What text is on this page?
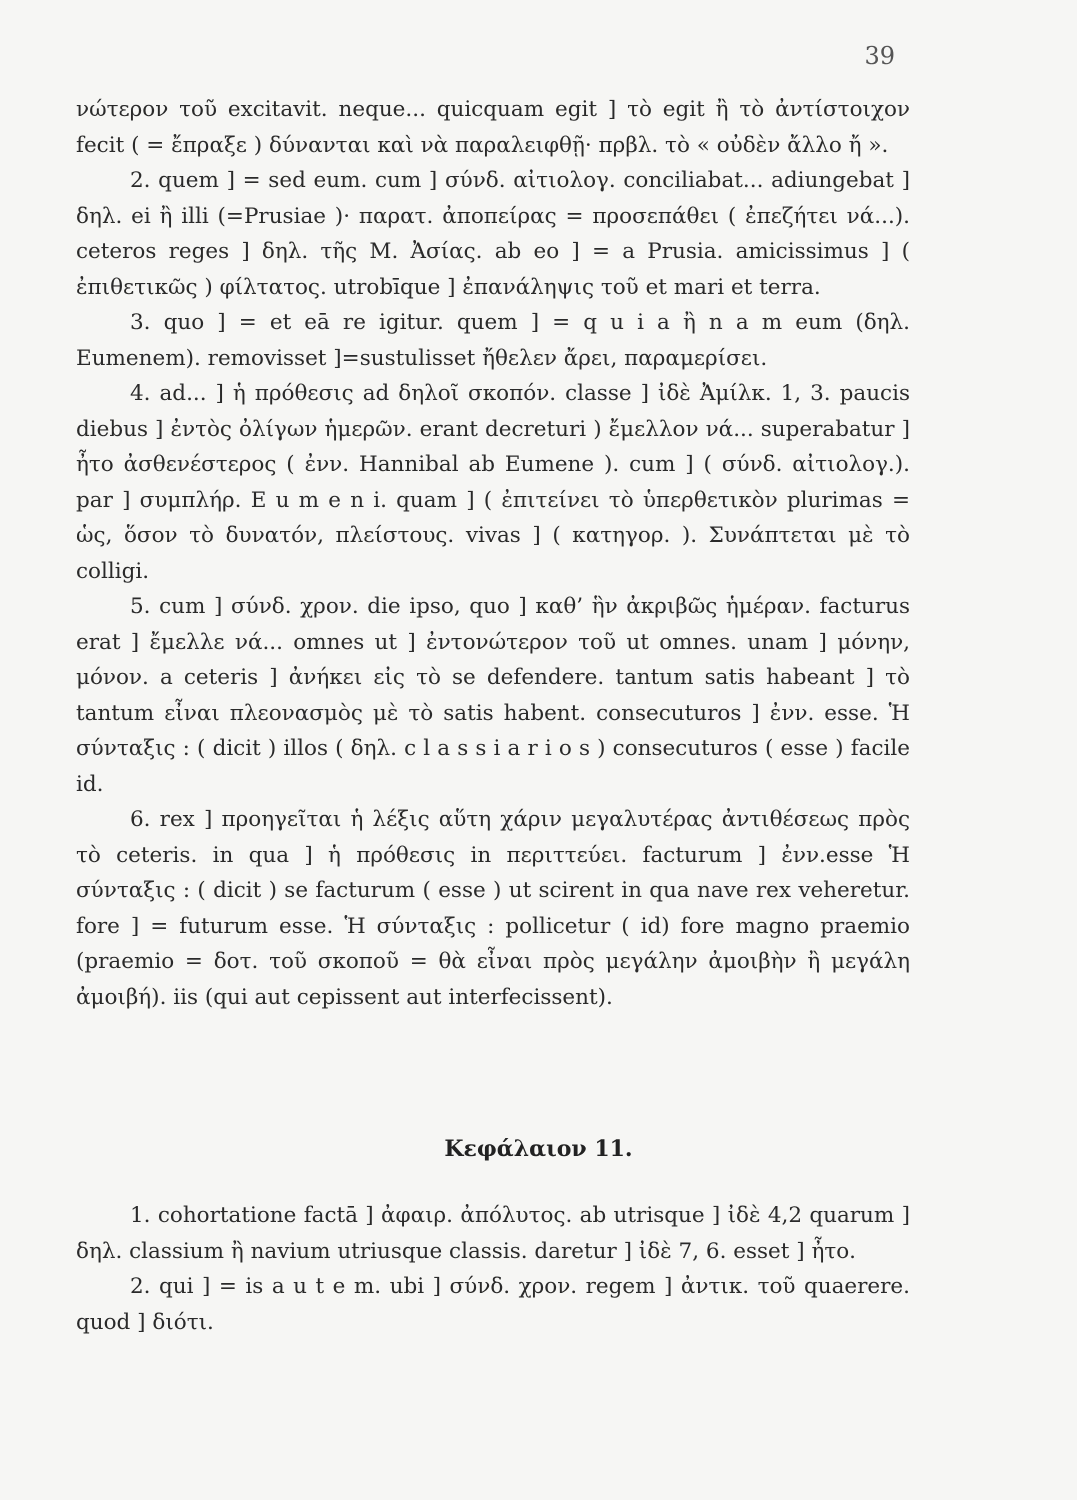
39

νώτερον τοῦ excitavit. neque... quicquam egit ] τὸ egit ἢ τὸ ἀντίστοιχον fecit ( = ἔπραξε ) δύνανται καὶ νὰ παραλειφθῇ· πρβλ. τὸ « οὐδὲν ἄλλο ἤ ».

2. quem ] = sed eum. cum ] σύνδ. αἰτιολογ. conciliabat... adiungebat ] δηλ. ei ἢ illi (=Prusiae )· παρατ. ἀποπείρας = προσεπάθει ( ἐπεζήτει νά...). ceteros reges ] δηλ. τῆς Μ. Ἀσίας. ab eo ] = a Prusia. amicissimus ] ( ἐπιθετικῶς ) φίλτατος. utrobīque ] ἐπανάληψις τοῦ et mari et terra.

3. quo ] = et eā re igitur. quem ] = q u i a ἢ n a m eum (δηλ. Eumenem). removisset ]=sustulisset ἤθελεν ἄρει, παραμερίσει.

4. ad... ] ἡ πρόθεσις ad δηλοῖ σκοπόν. classe ] ἰδὲ Ἀμίλκ. 1, 3. paucis diebus ] ἐντὸς ὀλίγων ἡμερῶν. erant decreturi ) ἔμελλον νά... superabatur ] ἦτο ἀσθενέστερος ( ἐνν. Hannibal ab Eumene ). cum ] ( σύνδ. αἰτιολογ.). par ] συμπλήρ. E u m e n i. quam ] ( ἐπιτείνει τὸ ὑπερθετικὸν plurimas = ὡς, ὅσον τὸ δυνατόν, πλείστους. vivas ] ( κατηγορ. ). Συνάπτεται μὲ τὸ colligi.

5. cum ] σύνδ. χρον. die ipso, quo ] καθ’ ἣν ἀκριβῶς ἡμέραν. facturus erat ] ἔμελλε νά... omnes ut ] ἐντονώτερον τοῦ ut omnes. unam ] μόνην, μόνον. a ceteris ] ἀνήκει εἰς τὸ se defendere. tantum satis habeant ] τὸ tantum εἶναι πλεονασμὸς μὲ τὸ satis habent. consecuturos ] ἐνν. esse. Ἡ σύνταξις : ( dicit ) illos ( δηλ. c l a s s i a r i o s ) consecuturos ( esse ) facile id.

6. rex ] προηγεῖται ἡ λέξις αὕτη χάριν μεγαλυτέρας ἀντιθέσεως πρὸς τὸ ceteris. in qua ] ἡ πρόθεσις in περιττεύει. facturum ] ἐνν.esse Ἡ σύνταξις : ( dicit ) se facturum ( esse ) ut scirent in qua nave rex veheretur. fore ] = futurum esse. Ἡ σύνταξις : pollicetur ( id) fore magno praemio (praemio = δοτ. τοῦ σκοποῦ = θὰ εἶναι πρὸς μεγάλην ἀμοιβὴν ἢ μεγάλη ἀμοιβή). iis (qui aut cepissent aut interfecissent).

Κεφάλαιον 11.

1. cohortatione factā ] ἀφαιρ. ἀπόλυτος. ab utrisque ] ἰδὲ 4,2 quarum ] δηλ. classium ἢ navium utriusque classis. daretur ] ἰδὲ 7, 6. esset ] ἦτο.

2. qui ] = is a u t e m. ubi ] σύνδ. χρον. regem ] ἀντικ. τοῦ quaerere. quod ] διότι.
